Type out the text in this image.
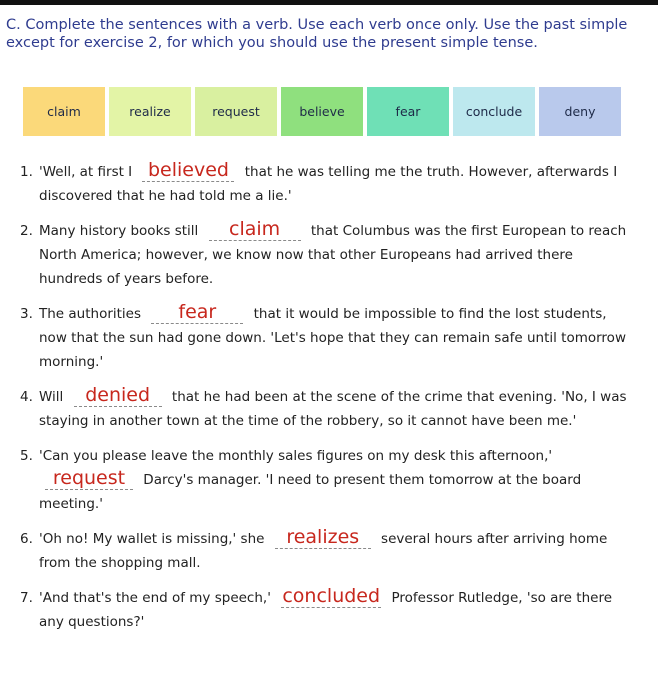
C. Complete the sentences with a verb. Use each verb once only. Use the past simple except for exercise 2, for which you should use the present simple tense.
claim	realize	request	believe	fear	conclude	deny
1. 'Well, at first I believed that he was telling me the truth. However, afterwards I discovered that he had told me a lie.'

2. Many history books still claim that Columbus was the first European to reach North America; however, we know now that other Europeans had arrived there hundreds of years before.

3. The authorities fear	that it would be impossible to find the lost students, now that the sun had gone down. 'Let's hope that they can remain safe until tomorrow morning.'

4. Will denied that he had been at the scene of the crime that evening. 'No, I was staying in another town at the time of the robbery, so it cannot have been me.'

5. 'Can you please leave the monthly sales figures on my desk this afternoon,' request Darcy's manager. 'I need to present them tomorrow at the board meeting.'

6. 'Oh no! My wallet is missing,' she realizes several hours after arriving home from the shopping mall.

7. 'And that's the end of my speech,' concluded Professor Rutledge, 'so are there any questions?'
